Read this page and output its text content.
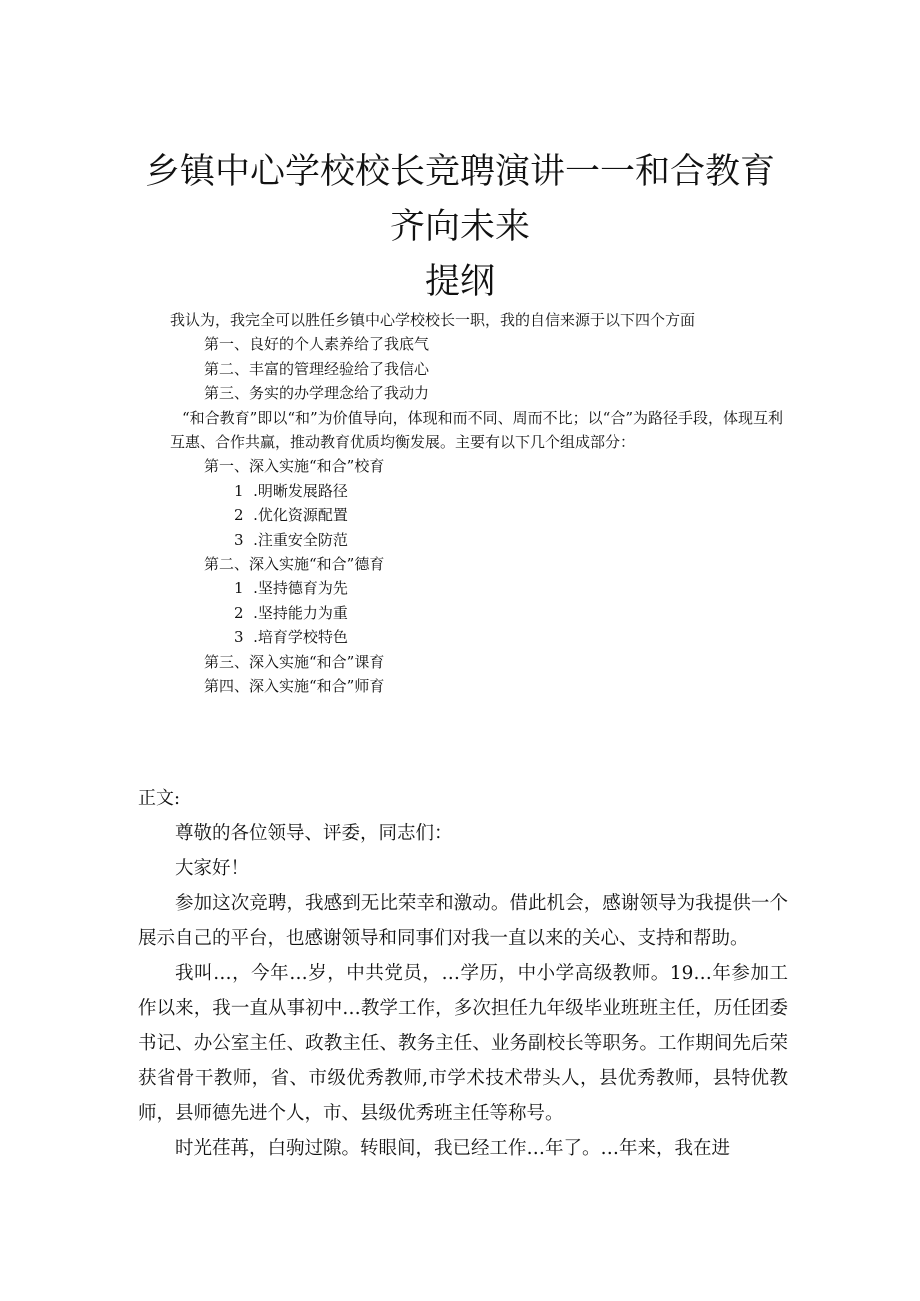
乡镇中心学校校长竞聘演讲一一和合教育
齐向未来
提纲

我认为，我完全可以胜任乡镇中心学校校长一职，我的自信来源于以下四个方面

第一、良好的个人素养给了我底气

第二、丰富的管理经验给了我信心

第三、务实的办学理念给了我动力

“和合教育”即以“和”为价值导向，体现和而不同、周而不比；以“合”为路径手段，体现互利互惠、合作共赢，推动教育优质均衡发展。主要有以下几个组成部分：

第一、深入实施“和合”校育

1  .明晰发展路径

2  .优化资源配置

3  .注重安全防范

第二、深入实施“和合”德育

1  .坚持德育为先

2  .坚持能力为重

3  .培育学校特色

第三、深入实施“和合”课育

第四、深入实施“和合”师育

正文:

尊敬的各位领导、评委，同志们：

大家好！

参加这次竞聘，我感到无比荣幸和激动。借此机会，感谢领导为我提供一个展示自己的平台，也感谢领导和同事们对我一直以来的关心、支持和帮助。

我叫…，今年…岁，中共党员，…学历，中小学高级教师。19…年参加工作以来，我一直从事初中…教学工作，多次担任九年级毕业班班主任，历任团委书记、办公室主任、政教主任、教务主任、业务副校长等职务。工作期间先后荣获省骨干教师，省、市级优秀教师,市学术技术带头人，县优秀教师，县特优教师，县师德先进个人，市、县级优秀班主任等称号。

时光荏苒，白驹过隙。转眼间，我已经工作…年了。…年来，我在进
